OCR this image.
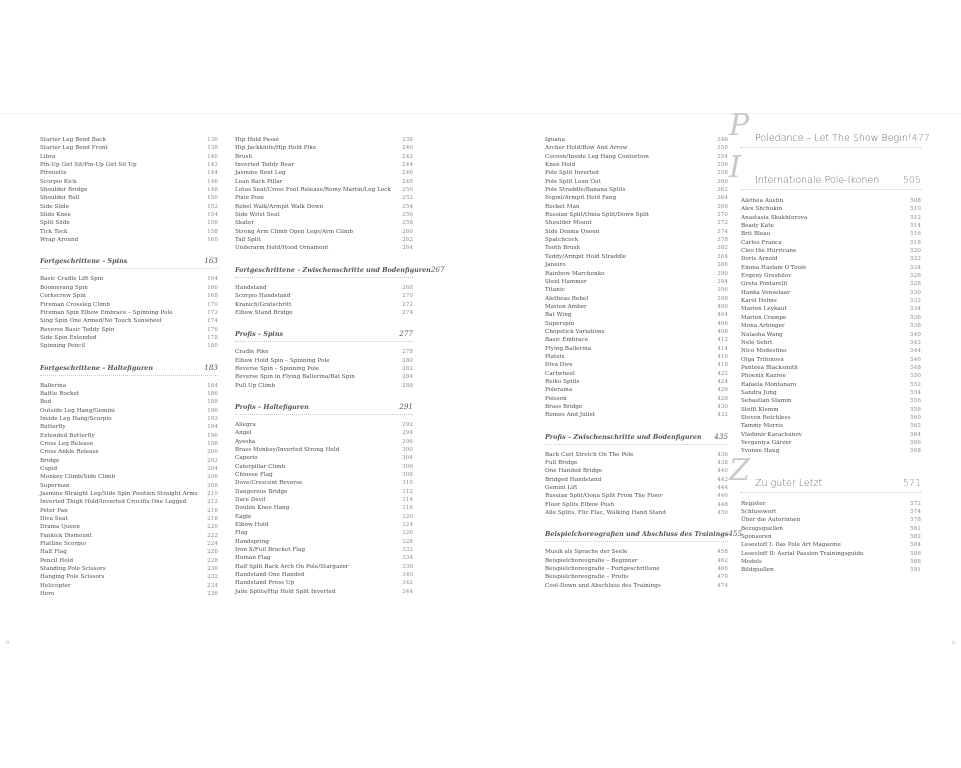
Starter Leg Bend Back	136
Starter Leg Bend Front	138
Libra	140
Pin-Up Girl Sit/Pin-Up Girl Sit Up	142
Pirouette	144
Scorpio Kick	146
Shoulder Bridge	148
Shoulder Roll	150
Side Slide	152
Slide Knee	154
Split Slide	156
Tick Tock	158
Wrap Around	160
Fortgeschrittene – Spins	163
Basic Cradle Lift Spin	164
Boomerang Spin	166
Corkscrew Spin	168
Fireman Crossleg Climb	170
Fireman Spin Elbow Embrace – Spinning Pole	172
Sing Spin One Armed/No Touch Sunwheel	174
Reverse Basic Teddy Spin	176
Side Spin Extended	178
Spinning Pencil	180
Fortgeschrittene – Haltefiguren	183
Ballerina	184
Battle Rocket	186
Bed	188
Outside Leg Hang/Gemini	190
Inside Leg Hang/Scorpio	192
Butterfly	194
Extended Butterfly	196
Cross Leg Release	198
Cross Ankle Release	200
Bridge	202
Cupid	204
Monkey Climb/Side Climb	206
Superman	208
Jasmine Straight Leg/Side Spin Position Straight Arms 210
Inverted Thigh Hold/Inverted Crucifix One Legged	212
Peter Pan	216
Diva Seat	218
Drama Queen	220
Fankick Dismount	222
Flatline Scorpio	224
Half Flag	226
Pencil Hold	228
Standing Pole Scissors	230
Hanging Pole Scissors	232
Helicopter	234
Hero	236
Hip Hold Passé	238
Hip Jackknife/Hip Hold Pike	240
Brush	242
Inverted Teddy Bear	244
Jasmine Bent Leg	246
Lean Back Pillar	248
Lotus Seat/Cross Foot Release/Remy Martin/Leg Lock 250
Pixie Pose	252
Rebel Walk/Armpit Walk Down	254
Side Wrist Seat	256
Skater	258
Strong Arm Climb Open Legs/Arm Climb	260
Tail Split	262
Underarm Hold/Hood Ornament	264
Fortgeschrittene – Zwischenschritte und Bodenfiguren 267
Handstand	268
Scorpio Handstand	270
Kranich/Grätschritt	272
Elbow Stand Bridge	274
Profis – Spins	277
Cradle Pike	278
Elbow Hold Spin – Spinning Pole	280
Reverse Spin – Spinning Pole	282
Reverse Spin in Flying Ballerina/Bat Spin	284
Pull Up Climb	288
Profis – Haltefiguren	291
Allegra	292
Angel	294
Ayesha	296
Brass Monkey/Inverted Strong Hold	300
Caperio	304
Caterpillar Climb	306
Chinese Flag	308
Dove/Crescent Reverse	310
Dangerous Bridge	312
Dare Devil	314
Double Knee Hang	318
Eagle	320
Elbow Hold	324
Flag	326
Handspring	328
Iron X/Full Bracket Flag	332
Human Flag	334
Half Split Back Arch On Pole/Stargazer	336
Handstand One Handed	340
Handstand Press Up	342
Jade Splits/Hip Hold Split Inverted	344
Iguana	346
Archer Hold/Bow And Arrow	350
Cocoon/Inside Leg Hang Contortion	354
Knee Hold	356
Pole Split Inverted	358
Pole Split Lean Out	360
Pole Straddle/Banana Splits	362
Yogini/Armpit Hold Fang	364
Rocket Man	368
Russian Split/Omia Split/Down Split	370
Shoulder Mount	372
Side Drama Queen	374
Spatchcock	378
Tooth Brush	382
Teddy/Armpit Hold Straddle	384
Janeiro	386
Rainbow Marchenko	390
Steel Hammer	394
Titanic	396
Aletheas Rebel	398
Marion Amber	400
Bat Wing	404
Superspin	406
Chopstick Variations	408
Basic Embrace	412
Flying Ballerina	414
Plateix	416
Diva Dive	418
Cartwheel	422
Reiko Splits	424
Poleraina	426
Poisson	428
Brass Bridge	430
Romeo And Juliet	432
Profis – Zwischenschritte und Bodenfiguren 435
Back Curl Stretch On The Pole	436
Full Bridge	438
One Handed Bridge	440
Bridged Handstand	442
Gemini Lift	444
Russian Split/Oona Split From The Floor	446
Floor Splits Elbow Push	448
Alle Splits, Flic Flac, Walking Hand Stand	450
Beispielchoreografien und Abschluss des Trainings 455
Musik als Sprache der Seele	458
Beispielchoreografie – Beginner	462
Beispielchoreografie – Fortgeschrittene	466
Beispielchoreografie – Profis	470
Cool-Down und Abschluss des Trainings	474
P Poledance – Let The Show Begin! 477
I	Internationale Pole-Ikonen 505
Alethea Austin	508
Alex Shchukin	510
Anastasia Skukhtorova	512
Beady Kate	514
Brit Bleau	516
Carlos Franca	518
Cleo the Hurricane	520
Doris Arnold	522
Emma Haslam O'Toole	524
Evgeny Greshilov	526
Greta Pontarelli	528
Hanka Venselaar	530
Karol Helms	532
Marion Leykauf	534
Marion Crampe	536
Mona Arbinger	538
Natasha Wang	540
Nele Sehrt	542
Nico Modestino	544
Olga Trifonova	546
Panteea Blacksmith	548
Phoenix Kazree	550
Rafaela Montanaro	552
Sandra Jung	554
Sebastian Stamm	556
Steffi Klemm	558
Steven Retchless	560
Tammy Morris	562
Vladimir Karachunov	564
Yevgeniya Gärzer	566
Yvonne Haug	568
Z Zu guter Letzt	571
Register	572
Schlusswort	574
Über die Autorinnen	578
Bezugsquellen	581
Sponsoren	582
Lesestoff I: Das Pole Art Magazine	584
Lesestoff II: Aerial Passion Trainingsguide	586
Models	588
Bildquellen	591
0	2
